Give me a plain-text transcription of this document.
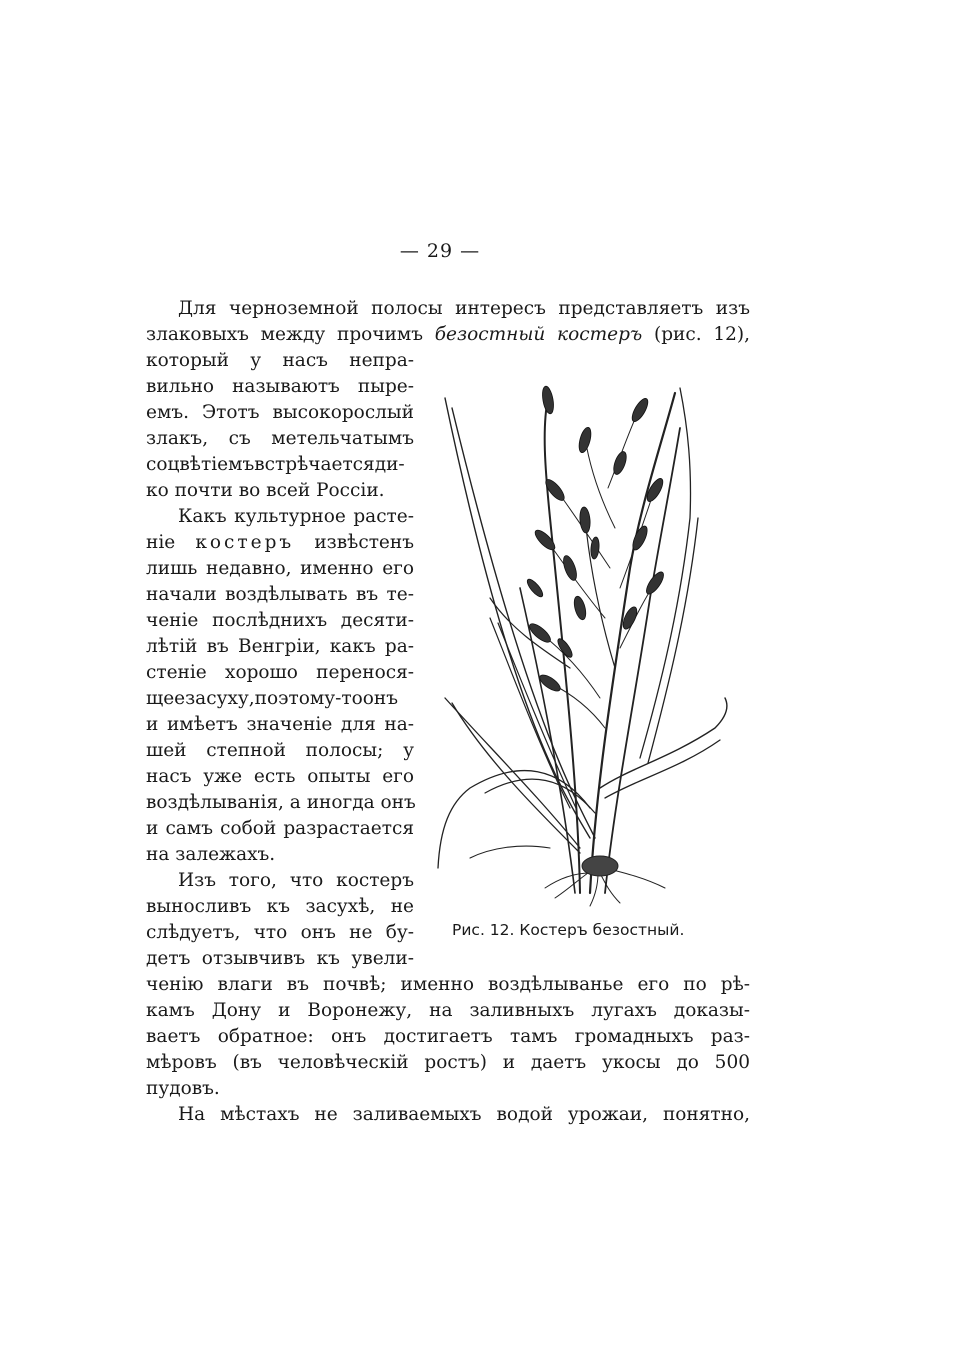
— 29 —
Для черноземной полосы интересъ представляетъ изъ
злаковыхъ между прочимъ безостный костеръ (рис. 12),
который у насъ непра-
вильно называютъ пыре-
емъ. Этотъ высокорослый
злакъ, съ метельчатымъ
соцвѣтіемъвстрѣчаетсяди-
ко почти во всей Россіи.
Какъ культурное расте-
ніе костеръ извѣстенъ
лишь недавно, именно его
начали воздѣлывать въ те-
ченіе послѣднихъ десяти-
лѣтій въ Венгріи, какъ ра-
стеніе хорошо перенося-
щеезасуху,поэтому-тоонъ
и имѣетъ значеніе для на-
шей степной полосы; у
насъ уже есть опыты его
воздѣлыванія, а иногда онъ
и самъ собой разрастается
на залежахъ.
Изъ того, что костеръ
выносливъ къ засухѣ, не
слѣдуетъ, что онъ не бу-
детъ отзывчивъ къ увели-
ченію влаги въ почвѣ; именно воздѣлыванье его по рѣ-
камъ Дону и Воронежу, на заливныхъ лугахъ доказы-
ваетъ обратное: онъ достигаетъ тамъ громадныхъ раз-
мѣровъ (въ человѣческій ростъ) и даетъ укосы до 500
пудовъ.
На мѣстахъ не заливаемыхъ водой урожаи, понятно,
Рис. 12. Костеръ безостный.
